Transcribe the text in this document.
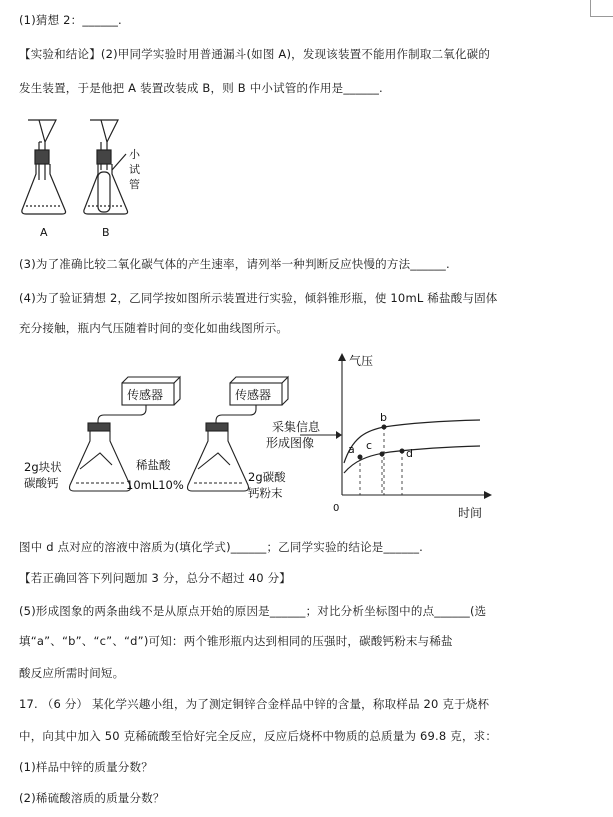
(1)猜想 2：______.
【实验和结论】(2)甲同学实验时用普通漏斗(如图 A)，发现该装置不能用作制取二氧化碳的
发生装置，于是他把 A 装置改装成 B，则 B 中小试管的作用是______.
(3)为了准确比较二氧化碳气体的产生速率，请列举一种判断反应快慢的方法______.
(4)为了验证猜想 2，乙同学按如图所示装置进行实验，倾斜锥形瓶，使 10mL 稀盐酸与固体
充分接触，瓶内气压随着时间的变化如曲线图所示。
图中 d 点对应的溶液中溶质为(填化学式)______；乙同学实验的结论是______.
【若正确回答下列问题加 3 分，总分不超过 40 分】
(5)形成图象的两条曲线不是从原点开始的原因是______；对比分析坐标图中的点______(选
填“a”、“b”、“c”、“d”)可知：两个锥形瓶内达到相同的压强时，碳酸钙粉末与稀盐
酸反应所需时间短。
17. （6 分） 某化学兴趣小组，为了测定铜锌合金样品中锌的含量，称取样品 20 克于烧杯
中，向其中加入 50 克稀硫酸至恰好完全反应，反应后烧杯中物质的总质量为 69.8 克，求：
(1)样品中锌的质量分数？
(2)稀硫酸溶质的质量分数？
小
试
管
A	B
传感器	传感器
2g块状
碳酸钙
稀盐酸
10mL10%
2g碳酸
钙粉末
采集信息
形成图像
气压
时间
0
a
b
c
d
